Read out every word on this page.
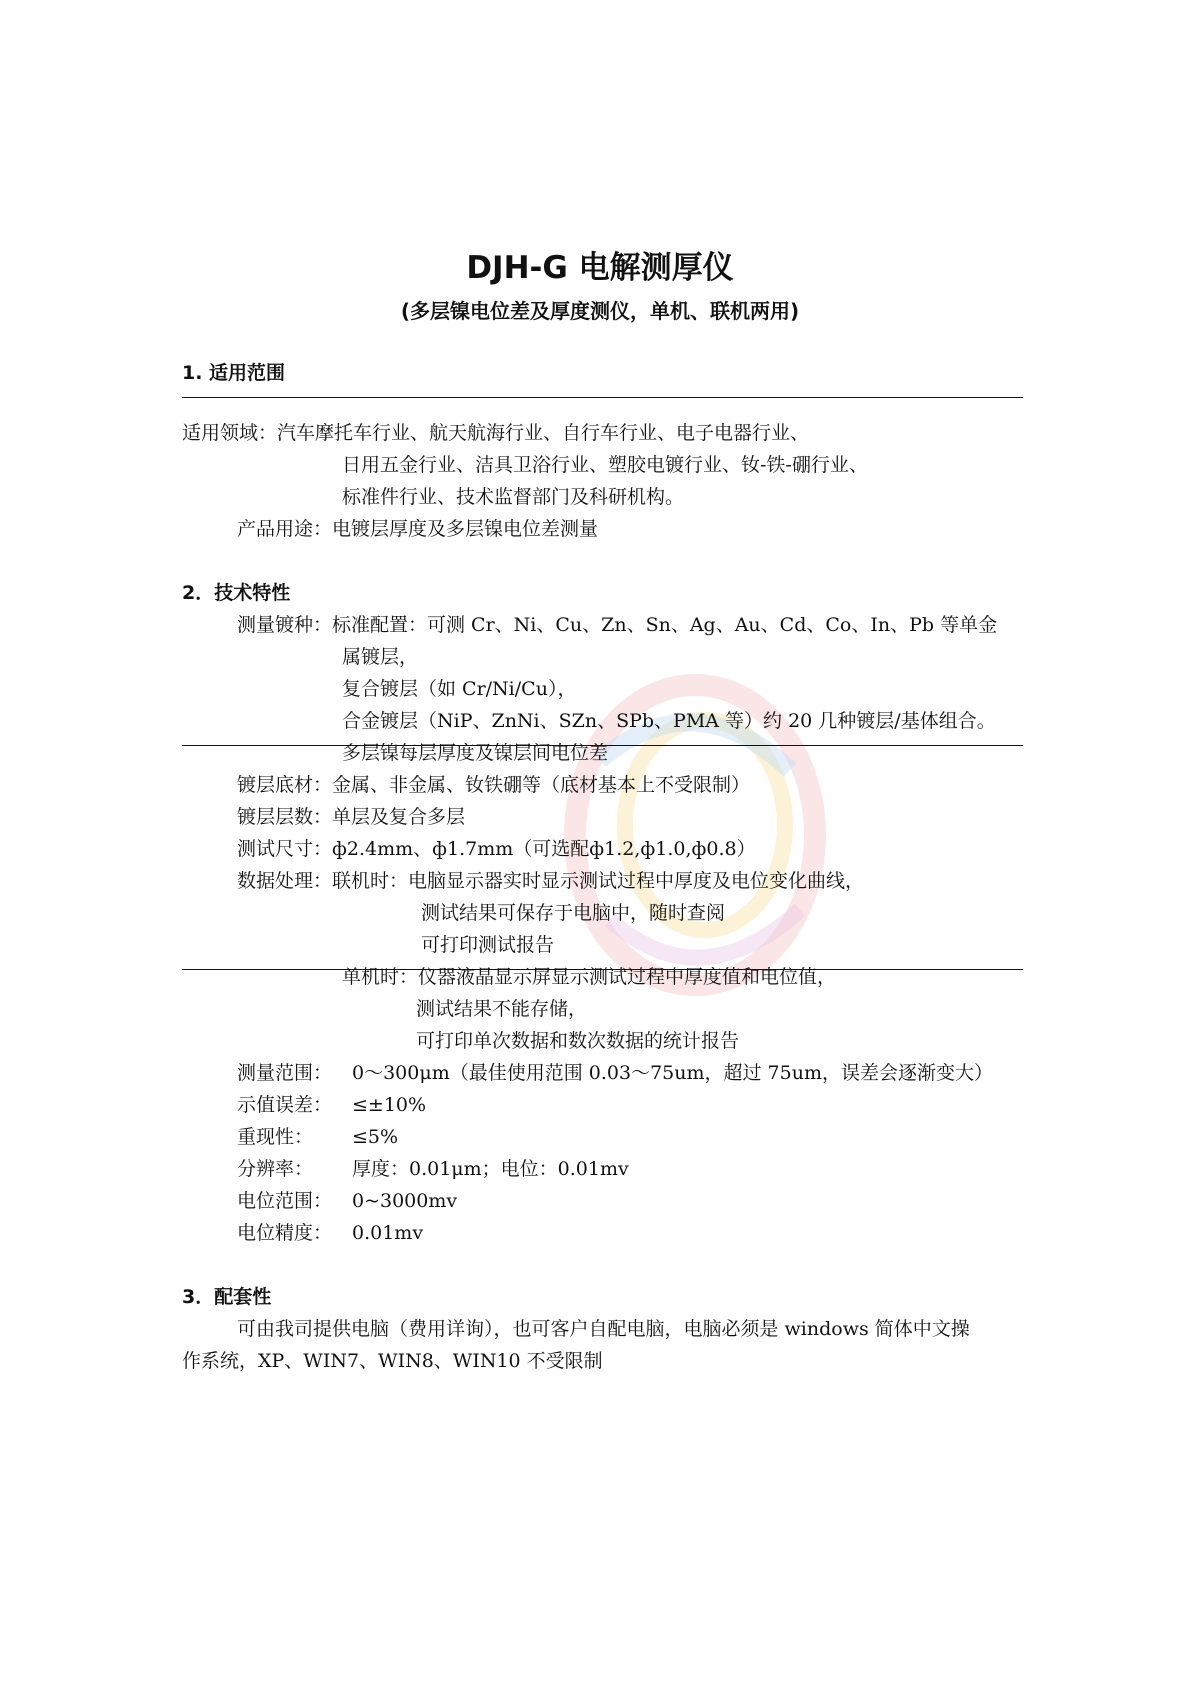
DJH-G 电解测厚仪
(多层镍电位差及厚度测仪，单机、联机两用)
1. 适用范围
适用领域：汽车摩托车行业、航天航海行业、自行车行业、电子电器行业、
日用五金行业、洁具卫浴行业、塑胶电镀行业、钕-铁-硼行业、
标准件行业、技术监督部门及科研机构。
产品用途：电镀层厚度及多层镍电位差测量
2．技术特性
测量镀种：标准配置：可测 Cr、Ni、Cu、Zn、Sn、Ag、Au、Cd、Co、In、Pb 等单金
属镀层，
复合镀层（如 Cr/Ni/Cu），
合金镀层（NiP、ZnNi、SZn、SPb、PMA 等）约 20 几种镀层/基体组合。
多层镍每层厚度及镍层间电位差
镀层底材：金属、非金属、钕铁硼等（底材基本上不受限制）
镀层层数：单层及复合多层
测试尺寸：ф2.4mm、ф1.7mm（可选配ф1.2,ф1.0,ф0.8）
数据处理：联机时：电脑显示器实时显示测试过程中厚度及电位变化曲线，
测试结果可保存于电脑中，随时查阅
可打印测试报告
单机时：仪器液晶显示屏显示测试过程中厚度值和电位值，
测试结果不能存储，
可打印单次数据和数次数据的统计报告
测量范围： 0～300μm（最佳使用范围 0.03～75um，超过 75um，误差会逐渐变大）
示值误差： ≤±10%
重现性： ≤5%
分辨率： 厚度：0.01μm；电位：0.01mv
电位范围： 0~3000mv
电位精度： 0.01mv
3．配套性
可由我司提供电脑（费用详询），也可客户自配电脑，电脑必须是 windows 简体中文操
作系统，XP、WIN7、WIN8、WIN10 不受限制
